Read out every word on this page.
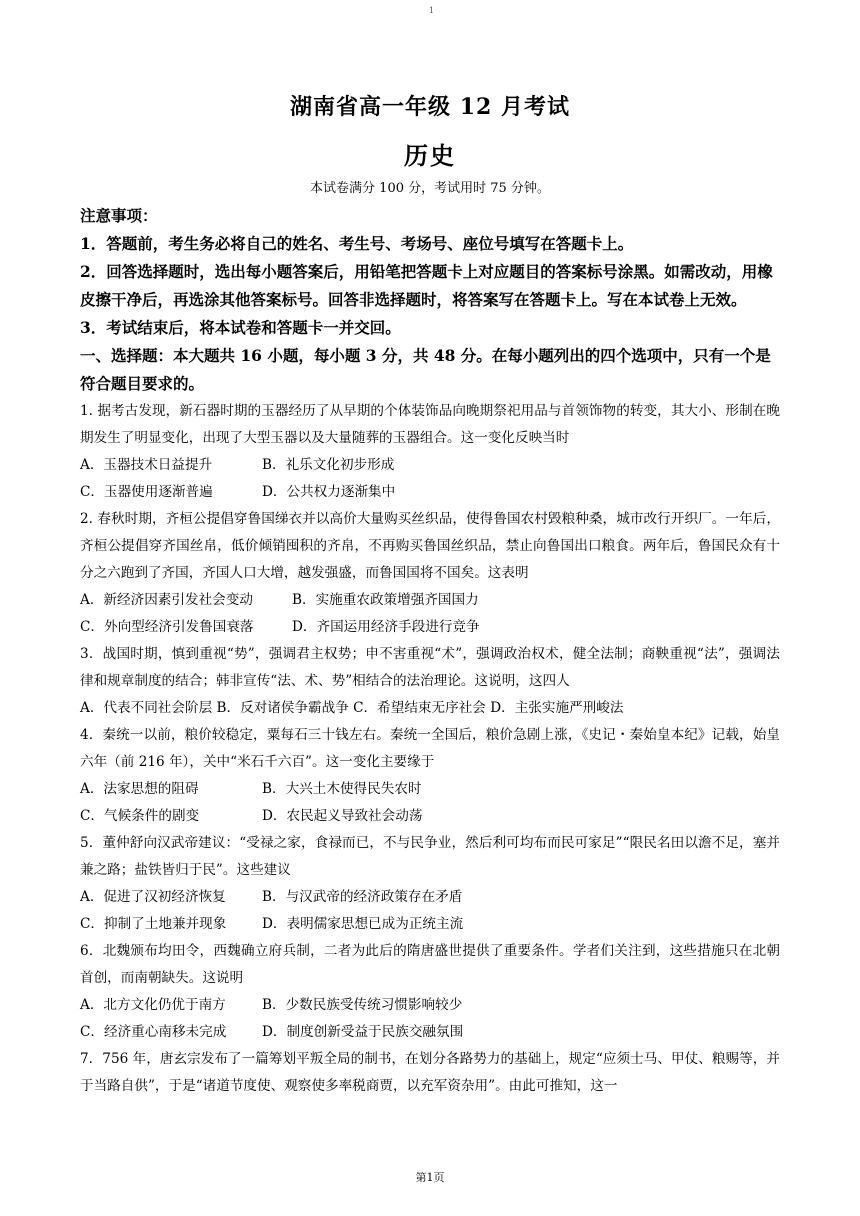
1
湖南省高一年级 12 月考试
历史
本试卷满分 100 分，考试用时 75 分钟。
注意事项：
1．答题前，考生务必将自己的姓名、考生号、考场号、座位号填写在答题卡上。
2．回答选择题时，选出每小题答案后，用铅笔把答题卡上对应题目的答案标号涂黑。如需改动，用橡皮擦干净后，再选涂其他答案标号。回答非选择题时，将答案写在答题卡上。写在本试卷上无效。
3．考试结束后，将本试卷和答题卡一并交回。
一、选择题：本大题共 16 小题，每小题 3 分，共 48 分。在每小题列出的四个选项中，只有一个是符合题目要求的。
1. 据考古发现，新石器时期的玉器经历了从早期的个体装饰品向晚期祭祀用品与首领饰物的转变，其大小、形制在晚期发生了明显变化，出现了大型玉器以及大量随葬的玉器组合。这一变化反映当时
A．玉器技术日益提升	B．礼乐文化初步形成
C．玉器使用逐渐普遍	D．公共权力逐渐集中
2. 春秋时期，齐桓公提倡穿鲁国绨衣并以高价大量购买丝织品，使得鲁国农村毁粮种桑，城市改行开织厂。一年后，齐桓公提倡穿齐国丝帛，低价倾销囤积的齐帛，不再购买鲁国丝织品，禁止向鲁国出口粮食。两年后，鲁国民众有十分之六跑到了齐国，齐国人口大增，越发强盛，而鲁国国将不国矣。这表明
A．新经济因素引发社会变动	B．实施重农政策增强齐国国力
C．外向型经济引发鲁国衰落	D．齐国运用经济手段进行竞争
3．战国时期，慎到重视“势”，强调君主权势；申不害重视“术”，强调政治权术，健全法制；商鞅重视“法”，强调法律和规章制度的结合；韩非宣传“法、术、势”相结合的法治理论。这说明，这四人
A．代表不同社会阶层 B．反对诸侯争霸战争 C．希望结束无序社会 D．主张实施严刑峻法
4．秦统一以前，粮价较稳定，粟每石三十钱左右。秦统一全国后，粮价急剧上涨，《史记・秦始皇本纪》记载，始皇六年（前 216 年），关中“米石千六百”。这一变化主要缘于
A．法家思想的阻碍	B．大兴土木使得民失农时
C．气候条件的剧变	D．农民起义导致社会动荡
5．董仲舒向汉武帝建议：“受禄之家，食禄而已，不与民争业，然后利可均布而民可家足”“限民名田以澹不足，塞并兼之路；盐铁皆归于民”。这些建议
A．促进了汉初经济恢复	B．与汉武帝的经济政策存在矛盾
C．抑制了土地兼并现象	D．表明儒家思想已成为正统主流
6．北魏颁布均田令，西魏确立府兵制，二者为此后的隋唐盛世提供了重要条件。学者们关注到，这些措施只在北朝首创，而南朝缺失。这说明
A．北方文化仍优于南方	B．少数民族受传统习惯影响较少
C．经济重心南移未完成	D．制度创新受益于民族交融氛围
7．756 年，唐玄宗发布了一篇筹划平叛全局的制书，在划分各路势力的基础上，规定“应须士马、甲仗、粮赐等，并于当路自供”，于是“诸道节度使、观察使多率税商贾，以充军资杂用”。由此可推知，这一
第1页
